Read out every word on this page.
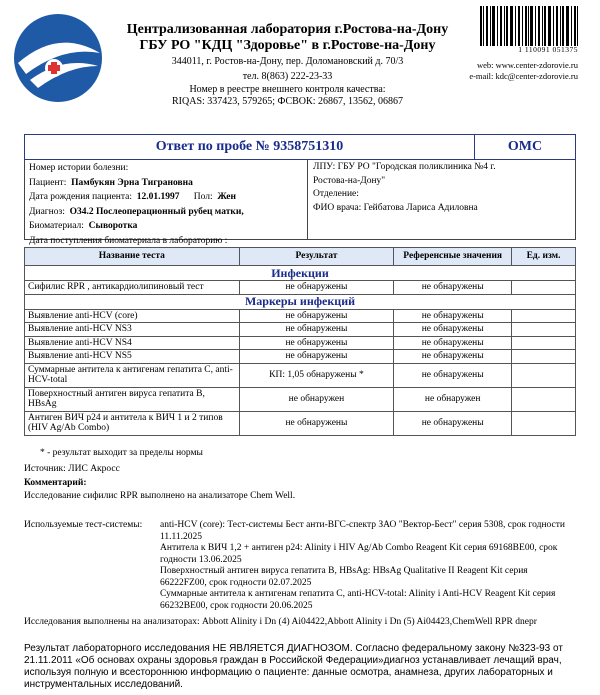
Централизованная лаборатория г.Ростова-на-Дону
ГБУ РО "КДЦ "Здоровье" в г.Ростове-на-Дону
344011, г. Ростов-на-Дону, пер. Доломановский д. 70/3
тел. 8(863) 222-23-33
Номер в реестре внешнего контроля качества:
RIQAS: 337423, 579265; ФСВОК: 26867, 13562, 06867
1 110091 051375
web: www.center-zdorovie.ru
e-mail: kdc@center-zdorovie.ru
Ответ по пробе № 9358751310	ОМС
Номер истории болезни:
Пациент: Памбукян Эрна Тиграновна
Дата рождения пациента: 12.01.1997 Пол: Жен
Диагноз: O34.2 Послеоперационный рубец матки,
Биоматериал: Сыворотка
Дата поступления биоматериала в лабораторию :
ЛПУ: ГБУ РО "Городская поликлиника №4 г.
Ростова-на-Дону"
Отделение:
ФИО врача: Гейбатова Лариса Адиловна
Название теста	Результат	Референсные значения	Ед. изм.
Инфекции			
Сифилис RPR , антикардиолипиновый тест	не обнаружены	не обнаружены	
Маркеры инфекций			
Выявление anti-HCV (core)	не обнаружены	не обнаружены	
Выявление anti-HCV NS3	не обнаружены	не обнаружены	
Выявление anti-HCV NS4	не обнаружены	не обнаружены	
Выявление anti-HCV NS5	не обнаружены	не обнаружены	
Суммарные антитела к антигенам гепатита С, anti-HCV-total	КП: 1,05 обнаружены *	не обнаружены	
Поверхностный антиген вируса гепатита B, HBsAg	не обнаружен	не обнаружен	
Антиген ВИЧ p24 и антитела к ВИЧ 1 и 2 типов (HIV Ag/Ab Combo)	не обнаружены	не обнаружены	
* - результат выходит за пределы нормы
Источник: ЛИС Акросс
Комментарий:
Исследование сифилис RPR выполнено на анализаторе Chem Well.
Используемые тест-системы: anti-HCV (core): Тест-системы Бест анти-ВГС-спектр ЗАО "Вектор-Бест" серия 5308, срок годности 11.11.2025
Антитела к ВИЧ 1,2 + антиген p24: Alinity i HIV Ag/Ab Combo Reagent Kit серия 69168BE00, срок годности 13.06.2025
Поверхностный антиген вируса гепатита B, HBsAg: HBsAg Qualitative II Reagent Kit серия 66222FZ00, срок годности 02.07.2025
Суммарные антитела к антигенам гепатита С, anti-HCV-total: Alinity i Anti-HCV Reagent Kit серия 66232BE00, срок годности 20.06.2025
Исследования выполнены на анализаторах: Abbott Alinity i Dn (4) Ai04422,Abbott Alinity i Dn (5) Ai04423,ChemWell RPR dnepr
Результат лабораторного исследования НЕ ЯВЛЯЕТСЯ ДИАГНОЗОМ. Согласно федеральному закону №323-93 от 21.11.2011 «Об основах охраны здоровья граждан в Российской Федерации»диагноз устанавливает лечащий врач, используя полную и всестороннюю информацию о пациенте: данные осмотра, анамнеза, других лабораторных и инструментальных исследований.
